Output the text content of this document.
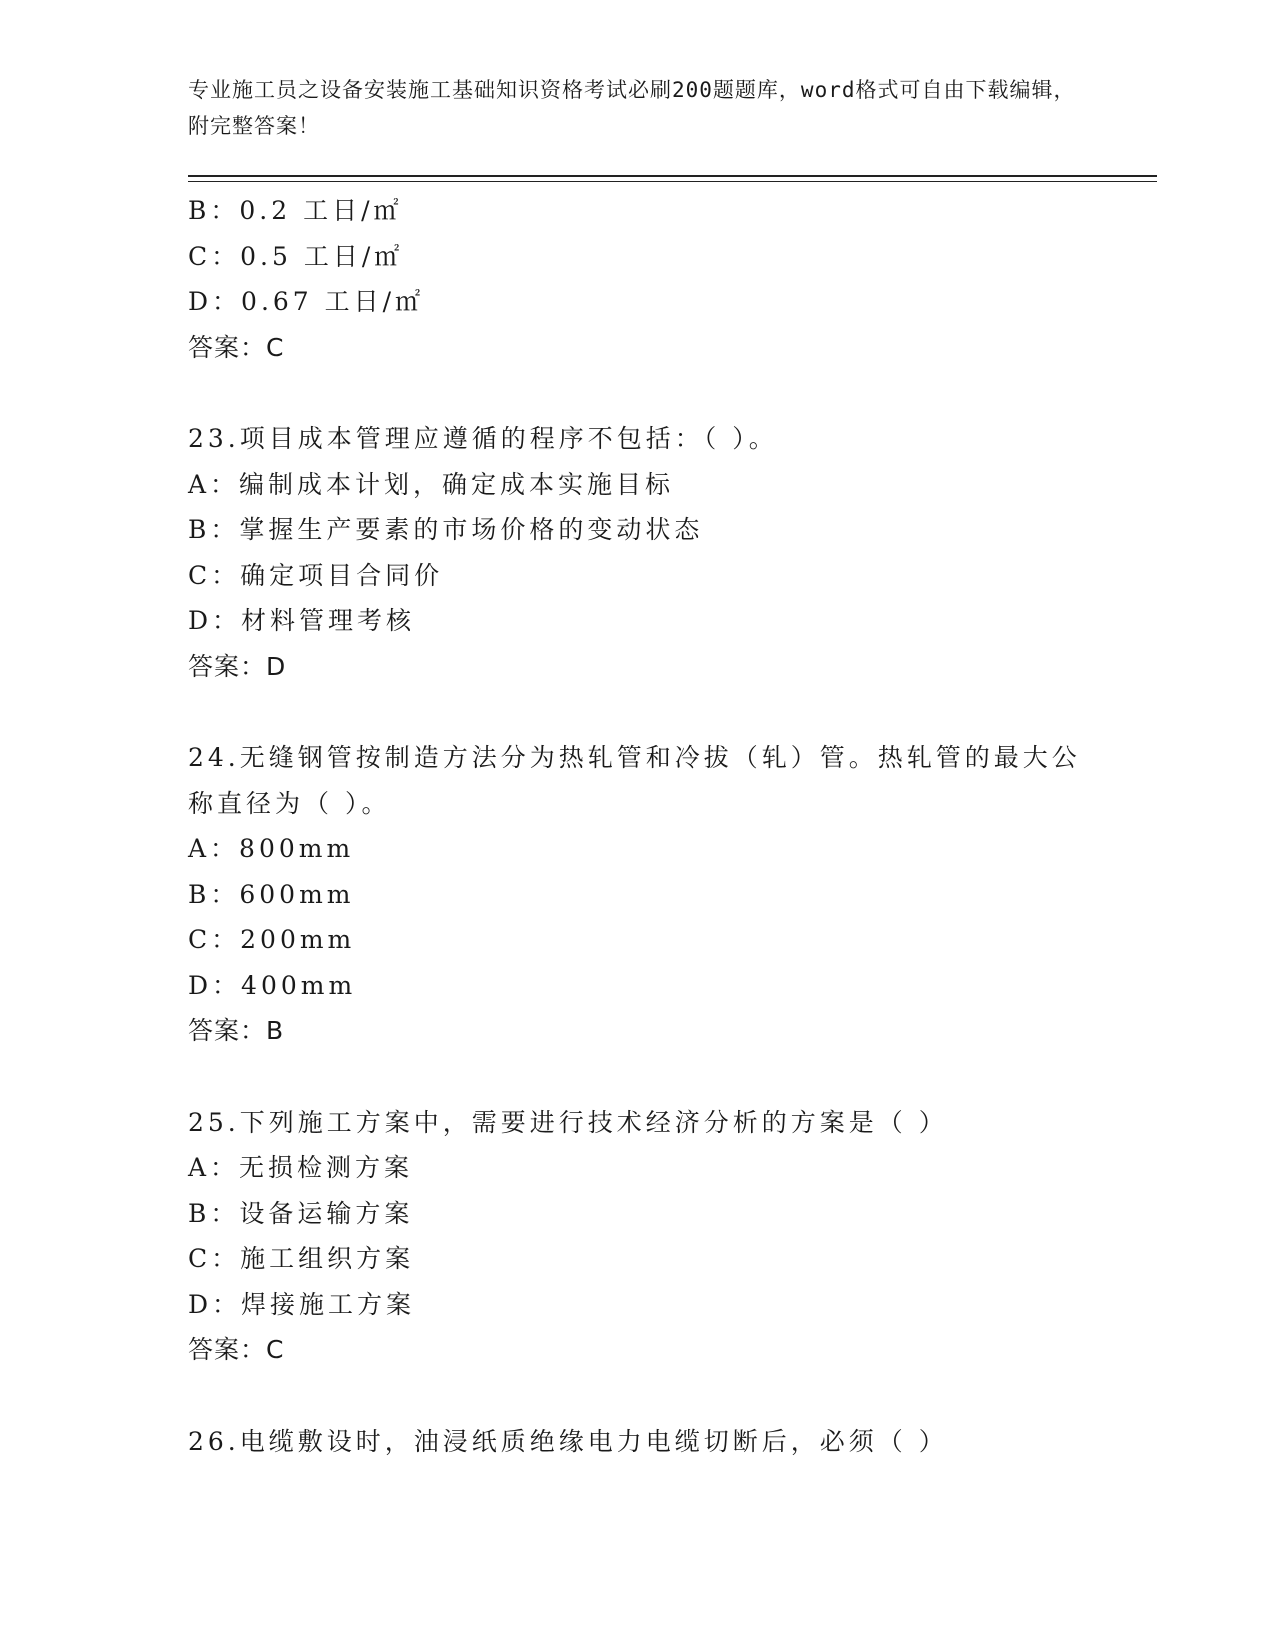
专业施工员之设备安装施工基础知识资格考试必刷200题题库，word格式可自由下载编辑，附完整答案！
B：0.2 工日/㎡
C：0.5 工日/㎡
D：0.67 工日/㎡
答案：C
23.项目成本管理应遵循的程序不包括：（ ）。
A：编制成本计划，确定成本实施目标
B：掌握生产要素的市场价格的变动状态
C：确定项目合同价
D：材料管理考核
答案：D
24.无缝钢管按制造方法分为热轧管和冷拔（轧）管。热轧管的最大公称直径为（ ）。
A：800mm
B：600mm
C：200mm
D：400mm
答案：B
25.下列施工方案中，需要进行技术经济分析的方案是（ ）
A：无损检测方案
B：设备运输方案
C：施工组织方案
D：焊接施工方案
答案：C
26.电缆敷设时，油浸纸质绝缘电力电缆切断后，必须（ ）
